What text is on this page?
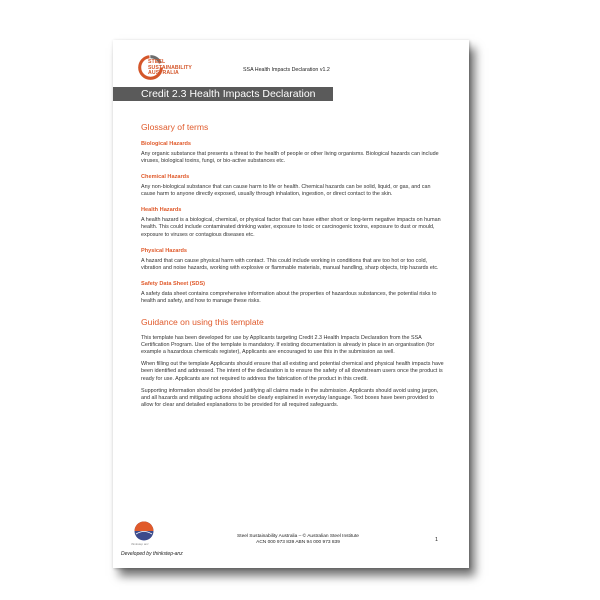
STEEL
SUSTAINABILITY
AUSTRALIA
SSA Health Impacts Declaration v1.2
Credit 2.3 Health Impacts Declaration
Glossary of terms
Biological Hazards

Any organic substance that presents a threat to the health of people or other living organisms. Biological hazards can include viruses, biological toxins, fungi, or bio-active substances etc.

Chemical Hazards

Any non-biological substance that can cause harm to life or health. Chemical hazards can be solid, liquid, or gas, and can cause harm to anyone directly exposed, usually through inhalation, ingestion, or direct contact to the skin.

Health Hazards

A health hazard is a biological, chemical, or physical factor that can have either short or long-term negative impacts on human health. This could include contaminated drinking water, exposure to toxic or carcinogenic toxins, exposure to dust or mould, exposure to viruses or contagious diseases etc.

Physical Hazards

A hazard that can cause physical harm with contact. This could include working in conditions that are too hot or too cold, vibration and noise hazards, working with explosive or flammable materials, manual handling, sharp objects, trip hazards etc.

Safety Data Sheet (SDS)

A safety data sheet contains comprehensive information about the properties of hazardous substances, the potential risks to health and safety, and how to manage these risks.

Guidance on using this template

This template has been developed for use by Applicants targeting Credit 2.3 Health Impacts Declaration from the SSA Certification Program. Use of the template is mandatory. If existing documentation is already in place in an organisation (for example a hazardous chemicals register), Applicants are encouraged to use this in the submission as well.

When filling out the template Applicants should ensure that all existing and potential chemical and physical health impacts have been identified and addressed. The intent of the declaration is to ensure the safety of all downstream users once the product is ready for use. Applicants are not required to address the fabrication of the product in this credit.

Supporting information should be provided justifying all claims made in the submission. Applicants should avoid using jargon, and all hazards and mitigating actions should be clearly explained in everyday language. Text boxes have been provided to allow for clear and detailed explanations to be provided for all required safeguards.

thinkstep anz
Developed by thinkstep-anz
Steel Sustainability Australia – © Australian Steel Institute
ACN 000 973 839 ABN 94 000 973 839	1
